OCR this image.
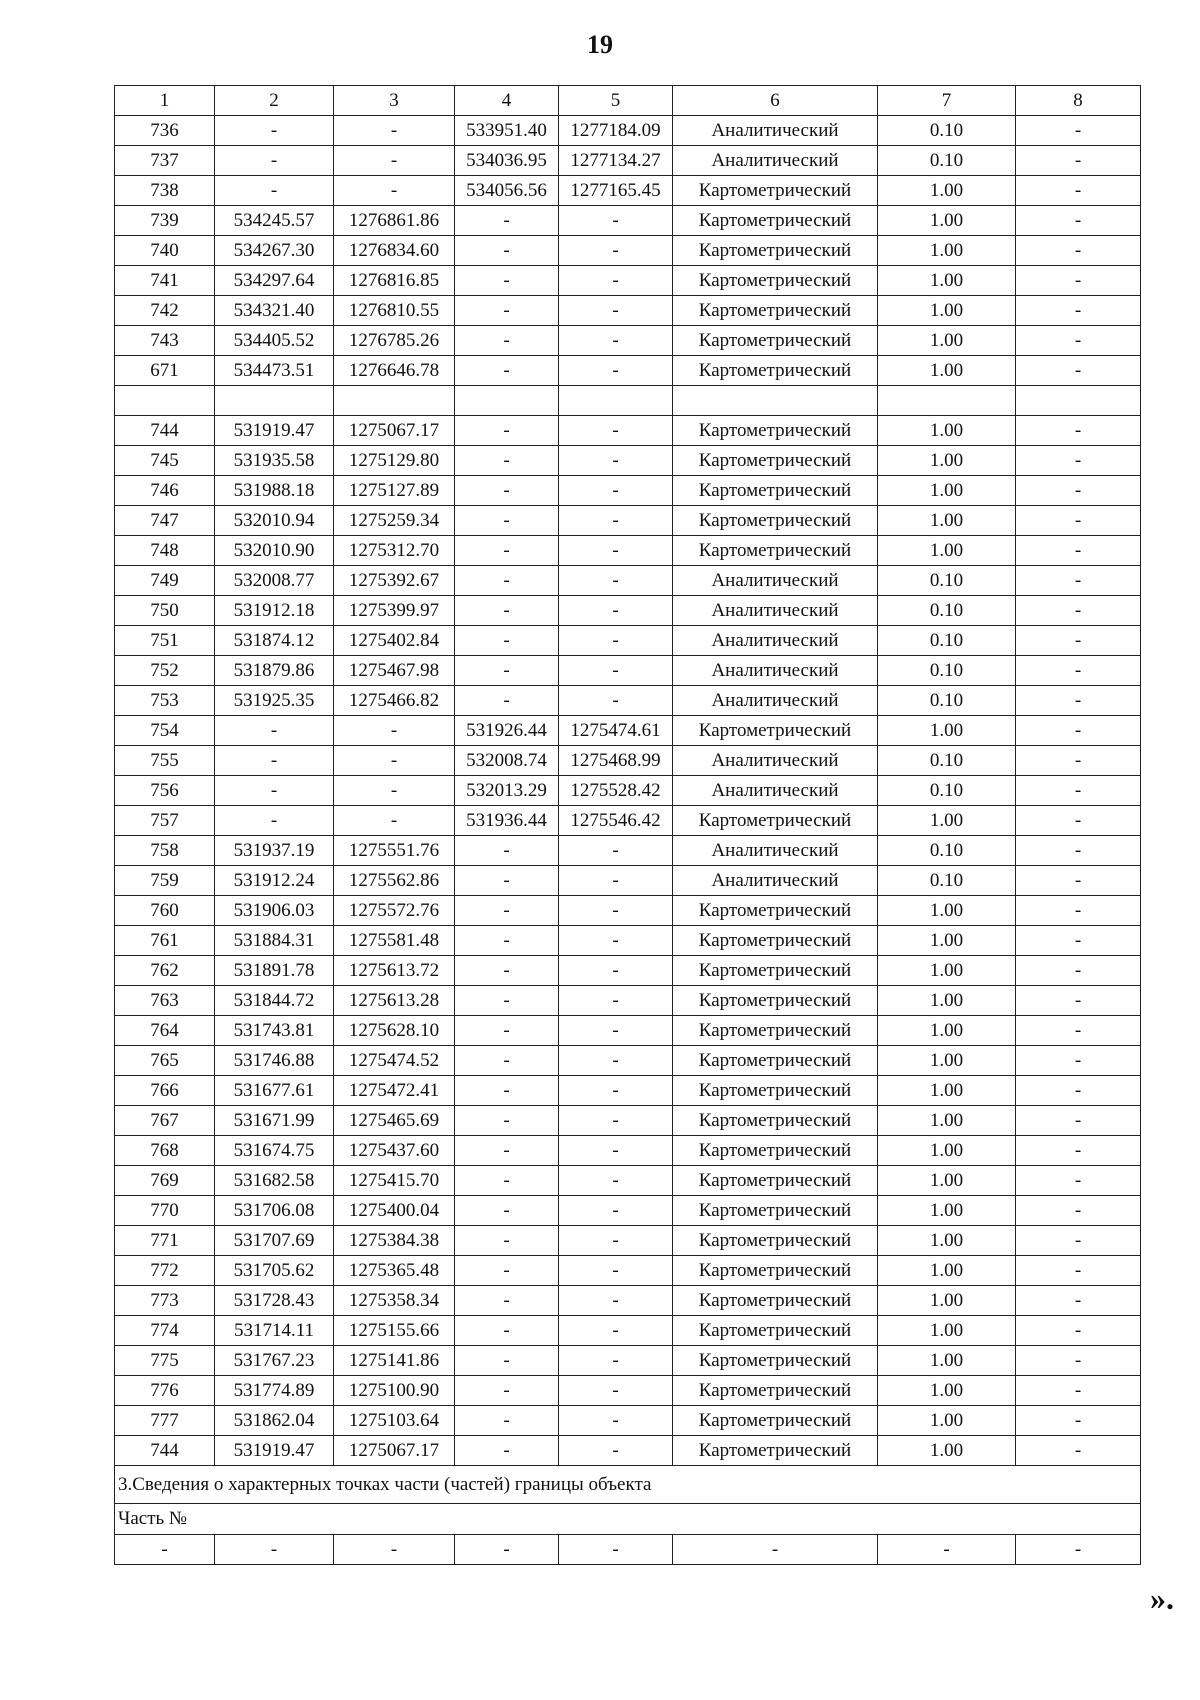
19
1	2	3	4	5	6	7	8
736	-	-	533951.40	1277184.09	Аналитический	0.10	-
737	-	-	534036.95	1277134.27	Аналитический	0.10	-
738	-	-	534056.56	1277165.45	Картометрический	1.00	-
739	534245.57	1276861.86	-	-	Картометрический	1.00	-
740	534267.30	1276834.60	-	-	Картометрический	1.00	-
741	534297.64	1276816.85	-	-	Картометрический	1.00	-
742	534321.40	1276810.55	-	-	Картометрический	1.00	-
743	534405.52	1276785.26	-	-	Картометрический	1.00	-
671	534473.51	1276646.78	-	-	Картометрический	1.00	-

744	531919.47	1275067.17	-	-	Картометрический	1.00	-
745	531935.58	1275129.80	-	-	Картометрический	1.00	-
746	531988.18	1275127.89	-	-	Картометрический	1.00	-
747	532010.94	1275259.34	-	-	Картометрический	1.00	-
748	532010.90	1275312.70	-	-	Картометрический	1.00	-
749	532008.77	1275392.67	-	-	Аналитический	0.10	-
750	531912.18	1275399.97	-	-	Аналитический	0.10	-
751	531874.12	1275402.84	-	-	Аналитический	0.10	-
752	531879.86	1275467.98	-	-	Аналитический	0.10	-
753	531925.35	1275466.82	-	-	Аналитический	0.10	-
754	-	-	531926.44	1275474.61	Картометрический	1.00	-
755	-	-	532008.74	1275468.99	Аналитический	0.10	-
756	-	-	532013.29	1275528.42	Аналитический	0.10	-
757	-	-	531936.44	1275546.42	Картометрический	1.00	-
758	531937.19	1275551.76	-	-	Аналитический	0.10	-
759	531912.24	1275562.86	-	-	Аналитический	0.10	-
760	531906.03	1275572.76	-	-	Картометрический	1.00	-
761	531884.31	1275581.48	-	-	Картометрический	1.00	-
762	531891.78	1275613.72	-	-	Картометрический	1.00	-
763	531844.72	1275613.28	-	-	Картометрический	1.00	-
764	531743.81	1275628.10	-	-	Картометрический	1.00	-
765	531746.88	1275474.52	-	-	Картометрический	1.00	-
766	531677.61	1275472.41	-	-	Картометрический	1.00	-
767	531671.99	1275465.69	-	-	Картометрический	1.00	-
768	531674.75	1275437.60	-	-	Картометрический	1.00	-
769	531682.58	1275415.70	-	-	Картометрический	1.00	-
770	531706.08	1275400.04	-	-	Картометрический	1.00	-
771	531707.69	1275384.38	-	-	Картометрический	1.00	-
772	531705.62	1275365.48	-	-	Картометрический	1.00	-
773	531728.43	1275358.34	-	-	Картометрический	1.00	-
774	531714.11	1275155.66	-	-	Картометрический	1.00	-
775	531767.23	1275141.86	-	-	Картометрический	1.00	-
776	531774.89	1275100.90	-	-	Картометрический	1.00	-
777	531862.04	1275103.64	-	-	Картометрический	1.00	-
744	531919.47	1275067.17	-	-	Картометрический	1.00	-
3.Сведения о характерных точках части (частей) границы объекта							
Часть №							
-	-	-	-	-	-	-	-
».
